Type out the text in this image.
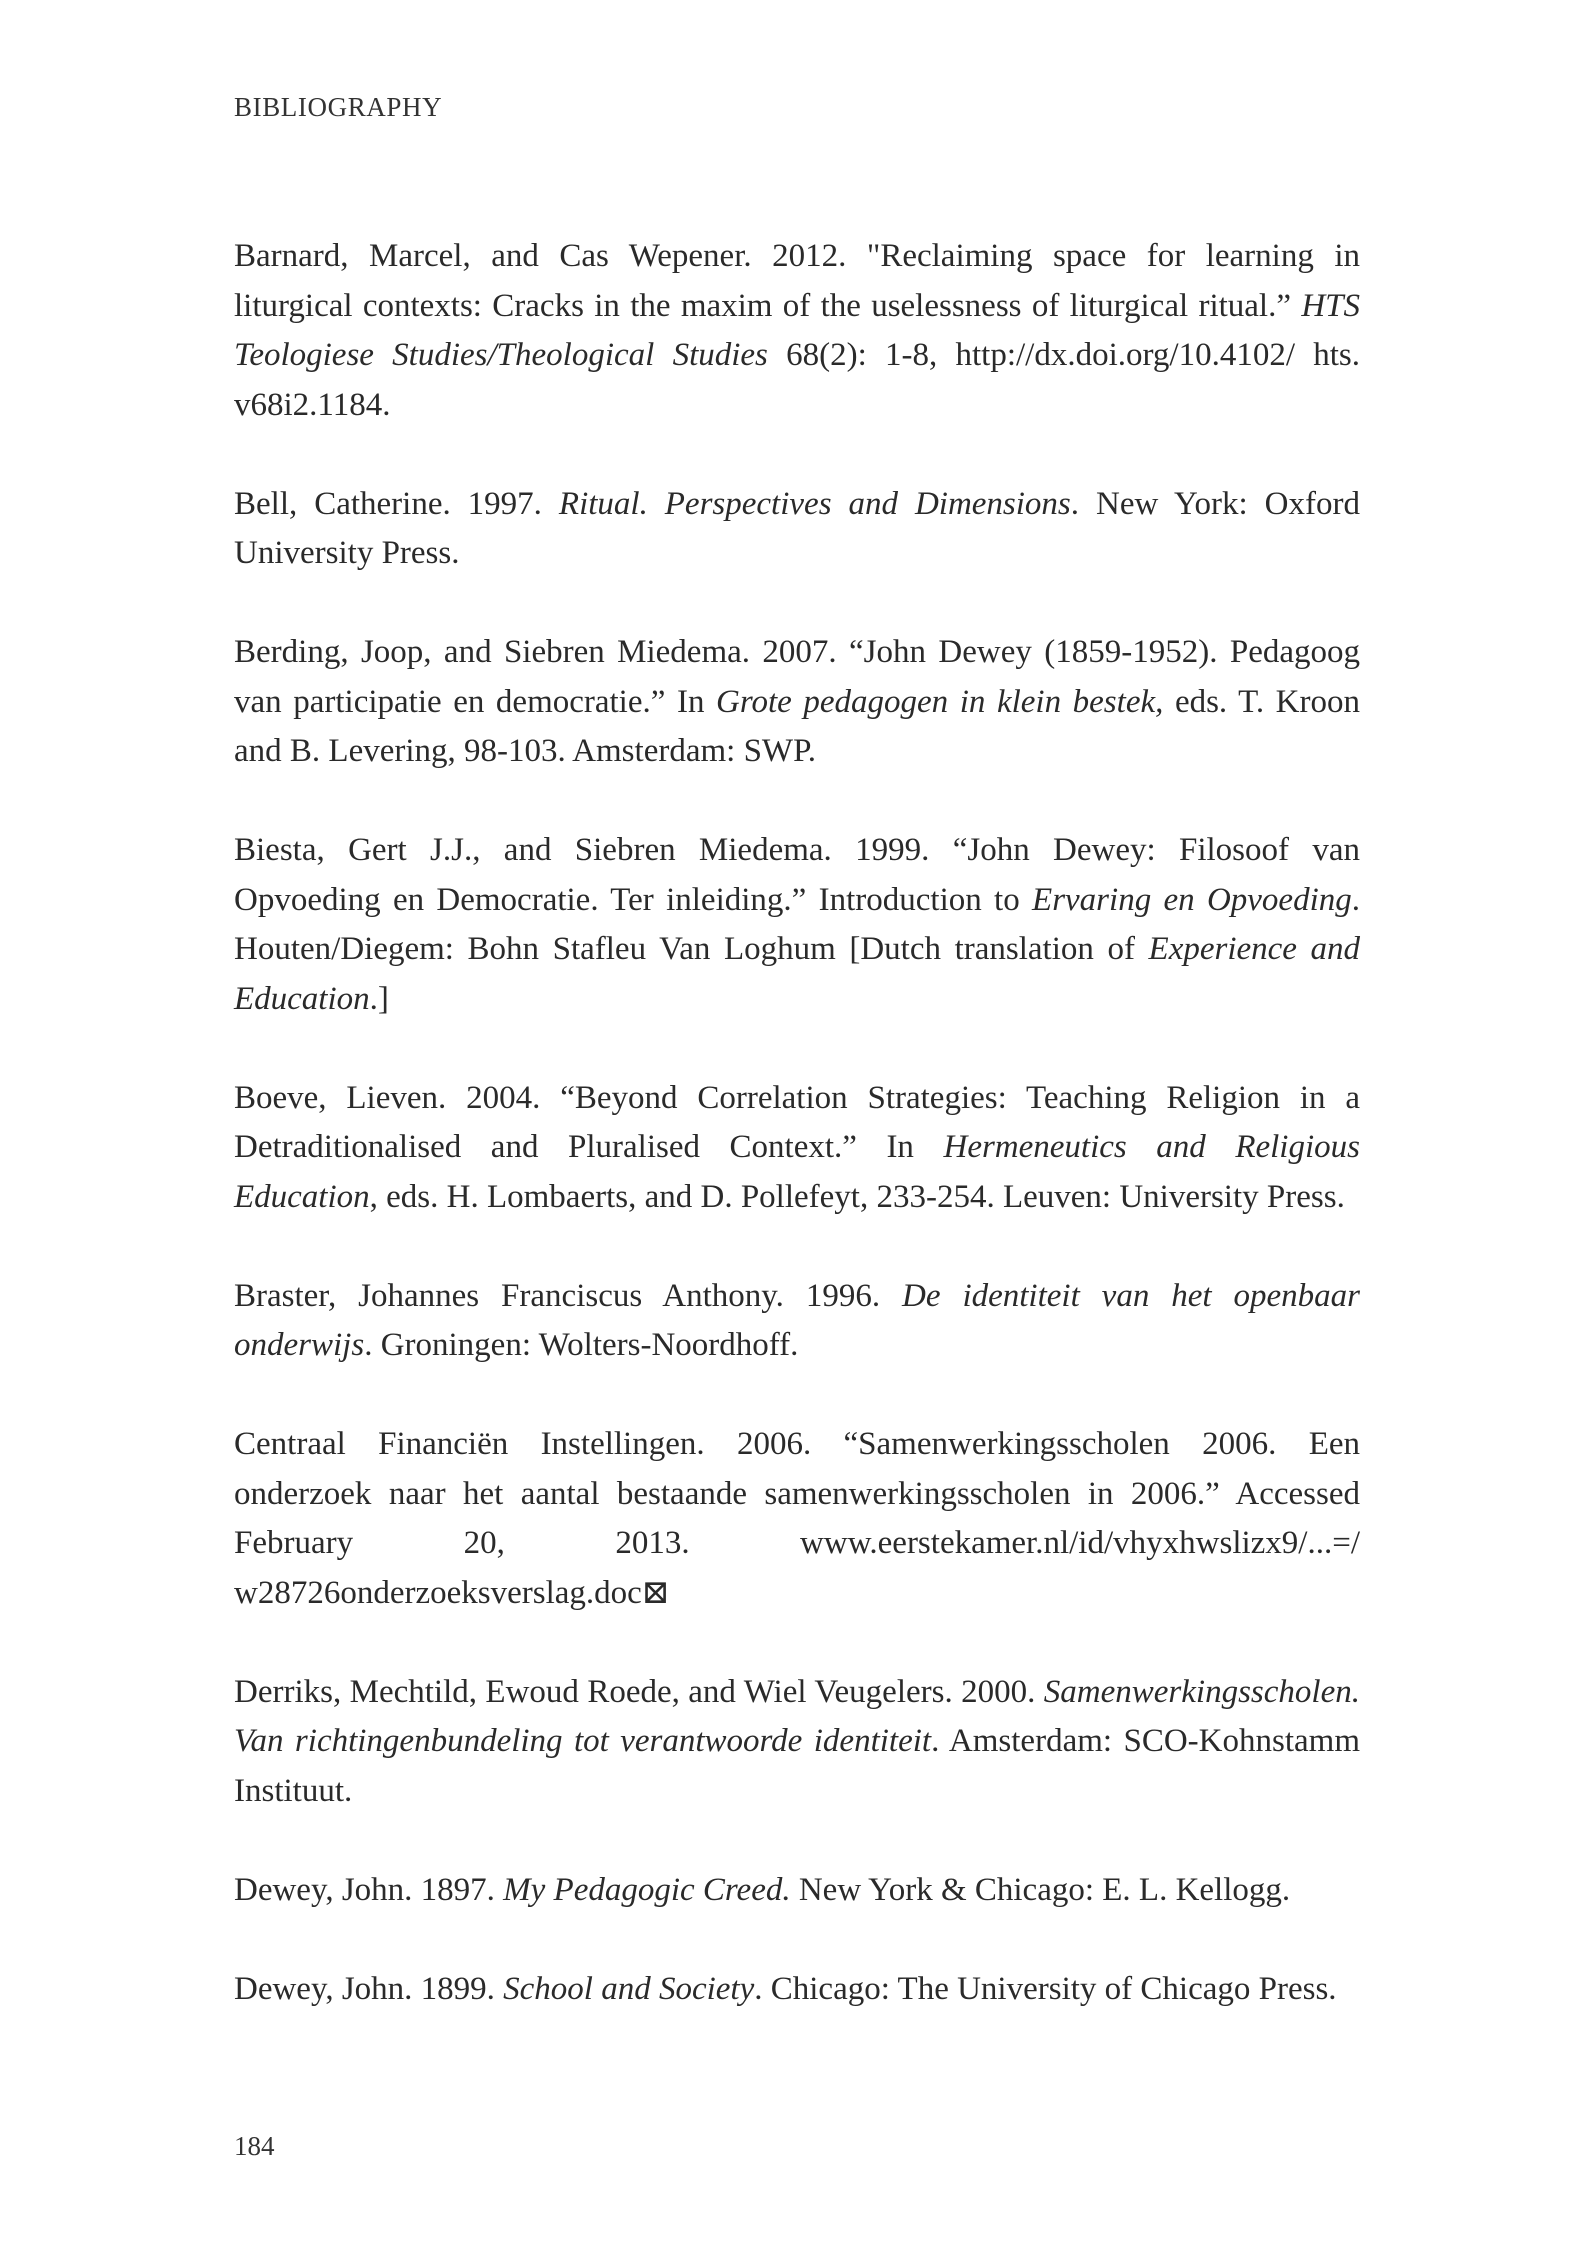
BIBLIOGRAPHY

Barnard, Marcel, and Cas Wepener. 2012. "Reclaiming space for learning in liturgical contexts: Cracks in the maxim of the uselessness of liturgical ritual.” HTS Teologiese Studies/Theological Studies 68(2): 1-8, http://dx.doi.org/10.4102/ hts. v68i2.1184.

Bell, Catherine. 1997. Ritual. Perspectives and Dimensions. New York: Oxford University Press.

Berding, Joop, and Siebren Miedema. 2007. “John Dewey (1859-1952). Pedagoog van participatie en democratie.” In Grote pedagogen in klein bestek, eds. T. Kroon and B. Levering, 98-103. Amsterdam: SWP.

Biesta, Gert J.J., and Siebren Miedema. 1999. “John Dewey: Filosoof van Opvoeding en Democratie. Ter inleiding.” Introduction to Ervaring en Opvoeding. Houten/Diegem: Bohn Stafleu Van Loghum [Dutch translation of Experience and Education.]

Boeve, Lieven. 2004. “Beyond Correlation Strategies: Teaching Religion in a Detraditionalised and Pluralised Context.” In Hermeneutics and Religious Education, eds. H. Lombaerts, and D. Pollefeyt, 233-254. Leuven: University Press.

Braster, Johannes Franciscus Anthony. 1996. De identiteit van het openbaar onderwijs. Groningen: Wolters-Noordhoff.

Centraal Financiën Instellingen. 2006. “Samenwerkingsscholen 2006. Een onderzoek naar het aantal bestaande samenwerkingsscholen in 2006.” Accessed February 20, 2013. www.eerstekamer.nl/id/vhyxhwslizx9/...=/ w28726onderzoeksverslag.doc⊠

Derriks, Mechtild, Ewoud Roede, and Wiel Veugelers. 2000. Samenwerkingsscholen. Van richtingenbundeling tot verantwoorde identiteit. Amsterdam: SCO-Kohnstamm Instituut.

Dewey, John. 1897. My Pedagogic Creed. New York & Chicago: E. L. Kellogg.

Dewey, John. 1899. School and Society. Chicago: The University of Chicago Press.

184
